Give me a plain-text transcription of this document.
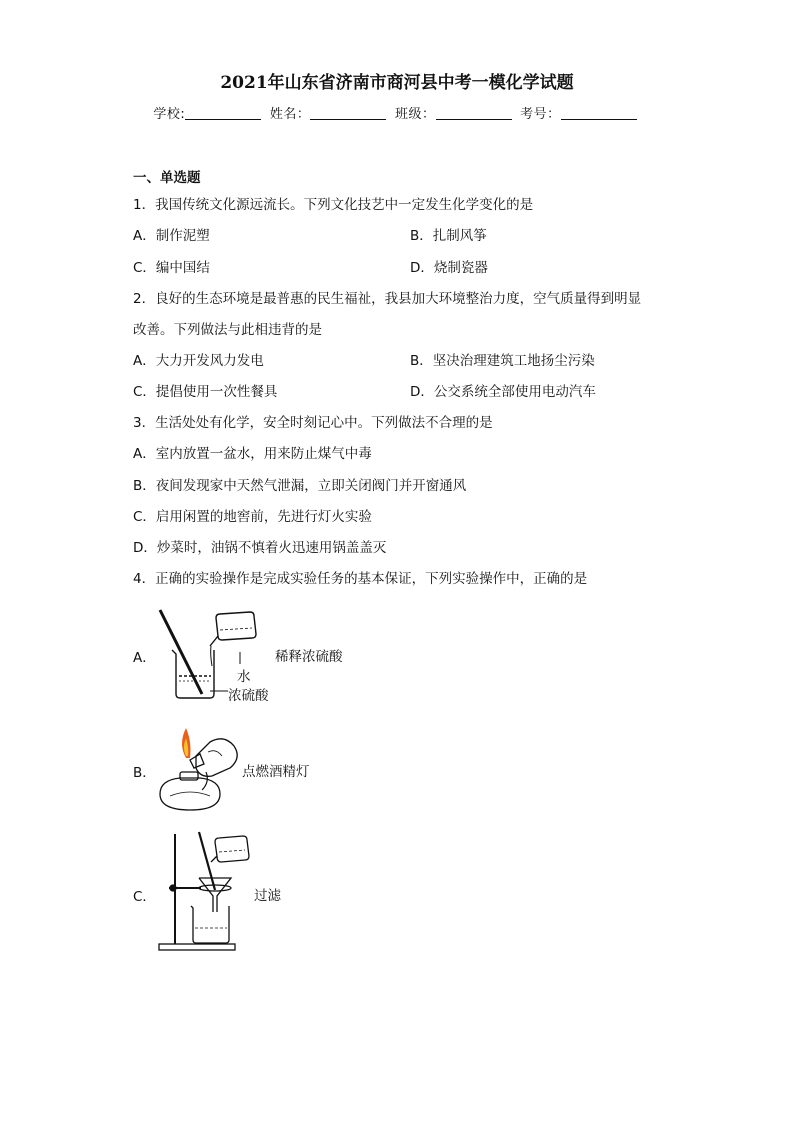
2021年山东省济南市商河县中考一模化学试题
学校:	姓名：	班级：	考号：
一、单选题
1．我国传统文化源远流长。下列文化技艺中一定发生化学变化的是
A．制作泥塑	B．扎制风筝
C．编中国结	D．烧制瓷器
2．良好的生态环境是最普惠的民生福祉，我县加大环境整治力度，空气质量得到明显
改善。下列做法与此相违背的是
A．大力开发风力发电	B．坚决治理建筑工地扬尘污染
C．提倡使用一次性餐具	D．公交系统全部使用电动汽车
3．生活处处有化学，安全时刻记心中。下列做法不合理的是
A．室内放置一盆水，用来防止煤气中毒
B．夜间发现家中天然气泄漏，立即关闭阀门并开窗通风
C．启用闲置的地窖前，先进行灯火实验
D．炒菜时，油锅不慎着火迅速用锅盖盖灭
4．正确的实验操作是完成实验任务的基本保证，下列实验操作中，正确的是
A．
水
浓硫酸
稀释浓硫酸
B．	点燃酒精灯
C．	过滤
